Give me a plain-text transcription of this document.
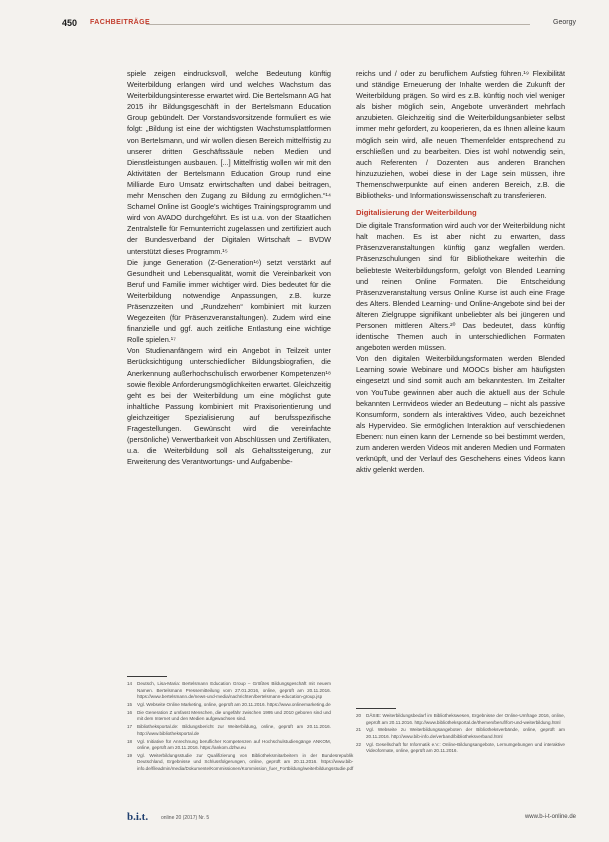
450 FACHBEITRÄGE	Georgy

spiele zeigen eindrucksvoll, welche Bedeutung künftig Weiterbildung erlangen wird und welches Wachstum das Weiterbildungsinteresse erwartet wird. Die Bertelsmann AG hat 2015 ihr Bildungsgeschäft in der Bertelsmann Education Group gebündelt. Der Vorstandsvorsitzende formuliert es wie folgt: „Bildung ist eine der wichtigsten Wachstumsplattformen von Bertelsmann, und wir wollen diesen Bereich mittelfristig zu unserer dritten Geschäftssäule neben Medien und Dienstleistungen ausbauen. [...] Mittelfristig wollen wir mit den Aktivitäten der Bertelsmann Education Group rund eine Milliarde Euro Umsatz erwirtschaften und dabei beitragen, mehr Menschen den Zugang zu Bildung zu ermöglichen.“¹⁴ Schamel Online ist Google's wichtiges Trainingsprogramm und wird von AVADO durchgeführt. Es ist u.a. von der Staatlichen Zentralstelle für Fernunterricht zugelassen und zertifiziert auch der Bundesverband der Digitalen Wirtschaft – BVDW unterstützt dieses Programm.¹⁵

Die junge Generation (Z-Generation¹⁶) setzt verstärkt auf Gesundheit und Lebensqualität, womit die Vereinbarkeit von Beruf und Familie immer wichtiger wird. Dies bedeutet für die Weiterbildung notwendige Anpassungen, z.B. kurze Präsenzzeiten und „Rundzehen“ kombiniert mit kurzen Wegezeiten (für Präsenzveranstaltungen). Zudem wird eine finanzielle und ggf. auch zeitliche Entlastung eine wichtige Rolle spielen.¹⁷

Von Studienanfängern wird ein Angebot in Teilzeit unter Berücksichtigung unterschiedlicher Bildungsbiografien, die Anerkennung außerhochschulisch erworbener Kompetenzen¹⁸ sowie flexible Anforderungsmöglichkeiten erwartet. Gleichzeitig geht es bei der Weiterbildung um eine möglichst gute inhaltliche Passung kombiniert mit Praxisorientierung und gleichzeitiger Spezialisierung auf berufsspezifische Fragestellungen. Gewünscht wird die vereinfachte (persönliche) Verwertbarkeit von Abschlüssen und Zertifikaten, u.a. die Weiterbildung soll als Gehaltssteigerung, zur Erweiterung des Verantwortungs- und Aufgabenbe-

reichs und / oder zu beruflichem Aufstieg führen.¹⁹ Flexibilität und ständige Erneuerung der Inhalte werden die Zukunft der Weiterbildung prägen. So wird es z.B. künftig noch viel weniger als bisher möglich sein, Angebote unverändert mehrfach anzubieten. Gleichzeitig sind die Weiterbildungsanbieter selbst immer mehr gefordert, zu kooperieren, da es Ihnen alleine kaum möglich sein wird, alle neuen Themenfelder entsprechend zu erschließen und zu bearbeiten. Dies ist wohl notwendig sein, auch Referenten / Dozenten aus anderen Branchen hinzuzuziehen, wobei diese in der Lage sein müssen, ihre Themenschwerpunkte auf einen anderen Bereich, z.B. die Bibliotheks- und Informationswissenschaft zu transferieren.

Digitalisierung der Weiterbildung

Die digitale Transformation wird auch vor der Weiterbildung nicht halt machen. Es ist aber nicht zu erwarten, dass Präsenzveranstaltungen künftig ganz wegfallen werden. Präsenzschulungen sind für Bibliothekare weiterhin die beliebteste Weiterbildungsform, gefolgt von Blended Learning und reinen Online Formaten. Die Entscheidung Präsenzveranstaltung versus Online Kurse ist auch eine Frage des Alters. Blended Learning- und Online-Angebote sind bei der älteren Zielgruppe signifikant unbeliebter als bei jüngeren und Personen mittleren Alters.²⁰ Das bedeutet, dass künftig identische Themen auch in unterschiedlichen Formaten angeboten werden müssen.

Von den digitalen Weiterbildungsformaten werden Blended Learning sowie Webinare und MOOCs bisher am häufigsten eingesetzt und sind somit auch am bekanntesten. Im Zeitalter von YouTube gewinnen aber auch die aktuell aus der Schule bekannten Lernvideos wieder an Bedeutung – nicht als passive Konsumform, sondern als interaktives Video, auch bezeichnet als Hypervideo. Sie ermöglichen Interaktion auf verschiedenen Ebenen: nun einen kann der Lernende so bei bestimmt werden, zum anderen werden Videos mit anderen Medien und Formaten verknüpft, und der Verlauf des Geschehens eines Videos kann aktiv gelenkt werden.

14	Deutsch, Lisa-Maria: Bertelsmann Education Group – Größtes Bildungsgeschäft mit neuem Namen. Bertelsmann Pressemitteilung vom 27.01.2016, online, geprüft am 20.11.2016. https://www.bertelsmann.de/news-und-media/nachrichten/bertelsmann-education-group.jsp
15	Vgl. Webseite Online Marketing, online, geprüft am 20.11.2016. https://www.onlinemarketing.de
16	Die Generation Z umfasst Menschen, die ungefähr zwischen 1995 und 2010 geboren sind und mit dem Internet und den Medien aufgewachsen sind.
17	Bibliotheksportal.de: Bildungsbericht zur Weiterbildung, online, geprüft am 20.11.2016. http://www.bibliotheksportal.de
18	Vgl. Initiative für Anrechnung beruflicher Kompetenzen auf Hochschulstudiengänge ANKOM, online, geprüft am 20.11.2016. https://ankom.dzhw.eu
19	Vgl. Weiterbildungsstudie zur Qualifizierung von Bibliotheksmitarbeitern in der Bundesrepublik Deutschland, Ergebnisse und Schlussfolgerungen, online, geprüft am 20.11.2016. https://www.bib-info.de/fileadmin/media/Dokumente/Kommissionen/Kommission_fuer_Fortbildung/weiterbildungsstudie.pdf
20	DÄSIE: Weiterbildungsbedarf im Bibliothekswesen, Ergebnisse der Online-Umfrage 2016, online, geprüft am 20.11.2016. http://www.bibliotheksportal.de/themen/beruf/fort-und-weiterbildung.html
21	Vgl. Webseite zu Weiterbildungsangeboten der Bibliotheksverbände, online, geprüft am 20.11.2016. http://www.bib-info.de/verband/bibliotheksverband.html
22	Vgl. Gesellschaft für Informatik e.V.: Online-Bildungsangebote, Lernumgebungen und interaktive Videoformate, online, geprüft am 20.11.2016.
b.i.t.	online 20 (2017) Nr. 5	www.b-i-t-online.de
